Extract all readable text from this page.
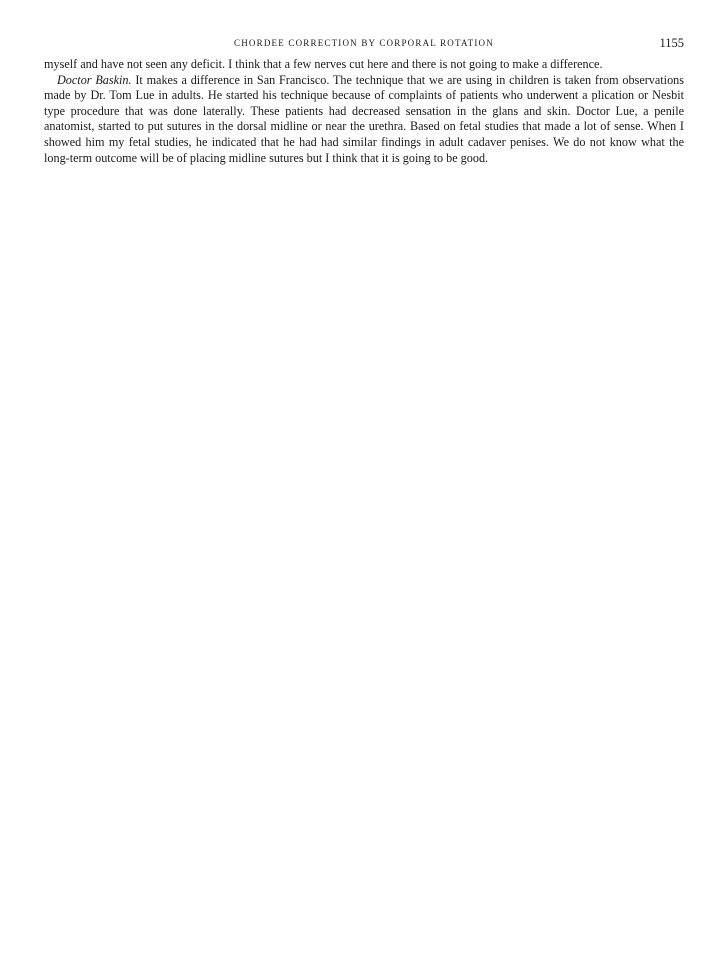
CHORDEE CORRECTION BY CORPORAL ROTATION	1155

myself and have not seen any deficit. I think that a few nerves cut here and there is not going to make a difference.

Doctor Baskin. It makes a difference in San Francisco. The technique that we are using in children is taken from observations made by Dr. Tom Lue in adults. He started his technique because of complaints of patients who underwent a plication or Nesbit type procedure that was done laterally. These patients had decreased sensation in the glans and skin. Doctor Lue, a penile anatomist, started to put sutures in the dorsal midline or near the urethra. Based on fetal studies that made a lot of sense. When I showed him my fetal studies, he indicated that he had had similar findings in adult cadaver penises. We do not know what the long-term outcome will be of placing midline sutures but I think that it is going to be good.
